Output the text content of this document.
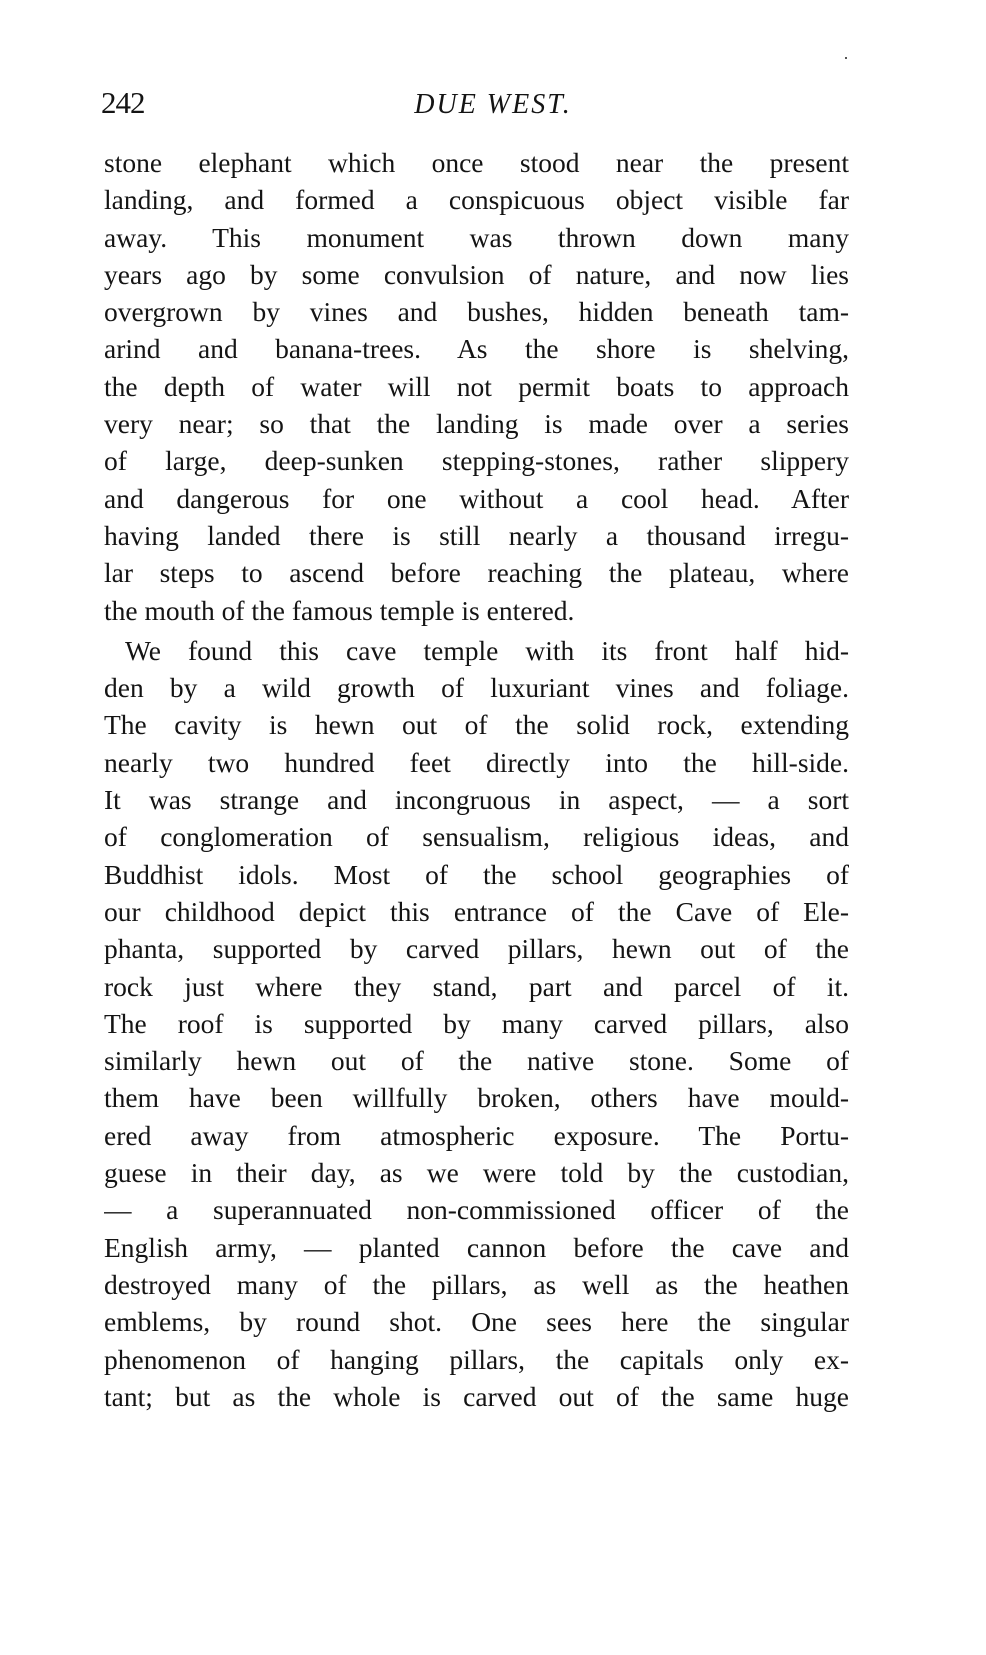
242	DUE WEST.
stone elephant which once stood near the present
landing, and formed a conspicuous object visible far
away. This monument was thrown down many
years ago by some convulsion of nature, and now lies
overgrown by vines and bushes, hidden beneath tam-
arind and banana-trees. As the shore is shelving,
the depth of water will not permit boats to approach
very near; so that the landing is made over a series
of large, deep-sunken stepping-stones, rather slippery
and dangerous for one without a cool head. After
having landed there is still nearly a thousand irregu-
lar steps to ascend before reaching the plateau, where
the mouth of the famous temple is entered.
We found this cave temple with its front half hid-
den by a wild growth of luxuriant vines and foliage.
The cavity is hewn out of the solid rock, extending
nearly two hundred feet directly into the hill-side.
It was strange and incongruous in aspect, — a sort
of conglomeration of sensualism, religious ideas, and
Buddhist idols. Most of the school geographies of
our childhood depict this entrance of the Cave of Ele-
phanta, supported by carved pillars, hewn out of the
rock just where they stand, part and parcel of it.
The roof is supported by many carved pillars, also
similarly hewn out of the native stone. Some of
them have been willfully broken, others have mould-
ered away from atmospheric exposure. The Portu-
guese in their day, as we were told by the custodian,
— a superannuated non-commissioned officer of the
English army, — planted cannon before the cave and
destroyed many of the pillars, as well as the heathen
emblems, by round shot. One sees here the singular
phenomenon of hanging pillars, the capitals only ex-
tant; but as the whole is carved out of the same huge
